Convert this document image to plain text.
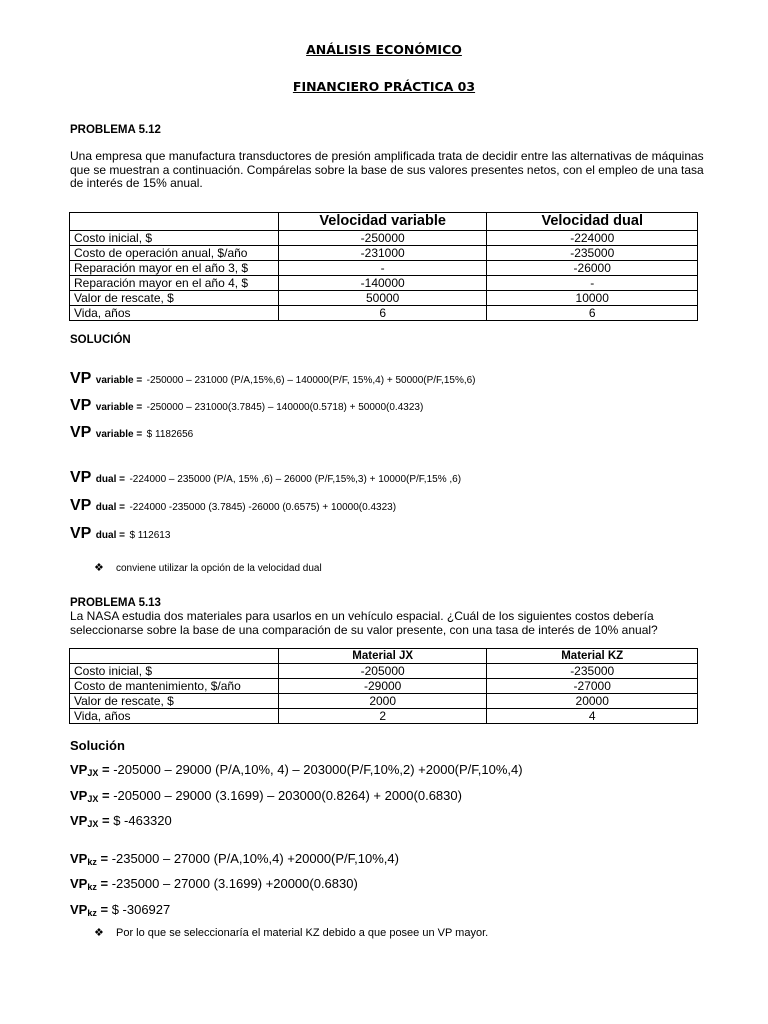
ANÁLISIS ECONÓMICO
FINANCIERO PRÁCTICA 03
PROBLEMA 5.12
Una empresa que manufactura transductores de presión amplificada trata de decidir entre las alternativas de máquinas que se muestran a continuación. Compárelas sobre la base de sus valores presentes netos, con el empleo de una tasa de interés de 15% anual.
	Velocidad variable	Velocidad dual
Costo inicial, $	-250000	-224000
Costo de operación anual, $/año	-231000	-235000
Reparación mayor en el año 3, $	-	-26000
Reparación mayor en el año 4, $	-140000	-
Valor de rescate, $	50000	10000
Vida, años	6	6
SOLUCIÓN
VP variable = -250000 – 231000 (P/A,15%,6) – 140000(P/F, 15%,4) + 50000(P/F,15%,6)
VP variable = -250000 – 231000(3.7845) – 140000(0.5718) + 50000(0.4323)
VP variable = $ 1182656
VP dual = -224000 – 235000 (P/A, 15% ,6) – 26000 (P/F,15%,3) + 10000(P/F,15% ,6)
VP dual = -224000 -235000 (3.7845) -26000 (0.6575) + 10000(0.4323)
VP dual = $ 112613
❖ conviene utilizar la opción de la velocidad dual
PROBLEMA 5.13
La NASA estudia dos materiales para usarlos en un vehículo espacial. ¿Cuál de los siguientes costos debería seleccionarse sobre la base de una comparación de su valor presente, con una tasa de interés de 10% anual?
	Material JX	Material KZ
Costo inicial, $	-205000	-235000
Costo de mantenimiento, $/año	-29000	-27000
Valor de rescate, $	2000	20000
Vida, años	2	4
Solución
$VP_{JX} = -205000 - 29000$ (P/A,10%, 4) – 203000(P/F,10%,2) +2000(P/F,10%,4)
$VP_{JX} = -205000 - 29000$ (3.1699) – 203000(0.8264) + 2000(0.6830)
$VP_{JX}$ = $ -463320
$VP_{kz} = -235000 - 27000$ (P/A,10%,4) +20000(P/F,10%,4)
$VP_{kz} = -235000 - 27000$ (3.1699) +20000(0.6830)
$VP_{kz}$ = $ -306927
❖ Por lo que se seleccionaría el material KZ debido a que posee un VP mayor.
